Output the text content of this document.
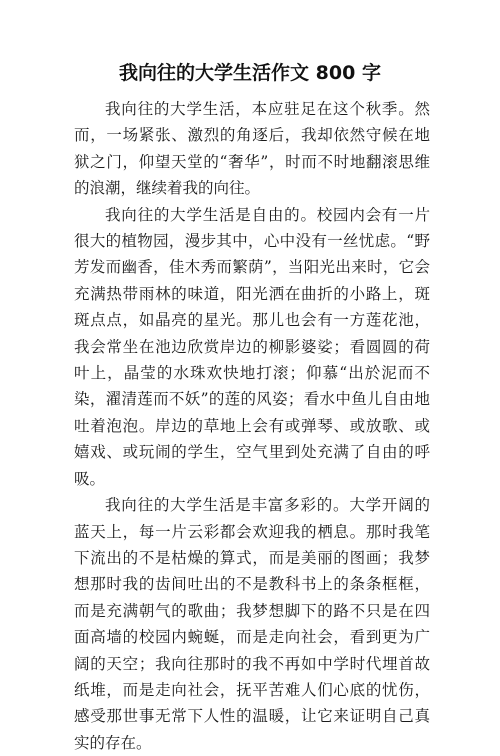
我向往的大学生活作文 800 字

我向往的大学生活，本应驻足在这个秋季。然而，一场紧张、激烈的角逐后，我却依然守候在地狱之门，仰望天堂的“奢华”，时而不时地翻滚思维的浪潮，继续着我的向往。

我向往的大学生活是自由的。校园内会有一片很大的植物园，漫步其中，心中没有一丝忧虑。“野芳发而幽香，佳木秀而繁荫”，当阳光出来时，它会充满热带雨林的味道，阳光洒在曲折的小路上，斑斑点点，如晶亮的星光。那儿也会有一方莲花池，我会常坐在池边欣赏岸边的柳影婆娑；看圆圆的荷叶上，晶莹的水珠欢快地打滚；仰慕“出於泥而不染，濯清莲而不妖”的莲的风姿；看水中鱼儿自由地吐着泡泡。岸边的草地上会有或弹琴、或放歌、或嬉戏、或玩闹的学生，空气里到处充满了自由的呼吸。

我向往的大学生活是丰富多彩的。大学开阔的蓝天上，每一片云彩都会欢迎我的栖息。那时我笔下流出的不是枯燥的算式，而是美丽的图画；我梦想那时我的齿间吐出的不是教科书上的条条框框，而是充满朝气的歌曲；我梦想脚下的路不只是在四面高墙的校园内蜿蜒，而是走向社会，看到更为广阔的天空；我向往那时的我不再如中学时代埋首故纸堆，而是走向社会，抚平苦难人们心底的忧伤，感受那世事无常下人性的温暖，让它来证明自己真实的存在。
